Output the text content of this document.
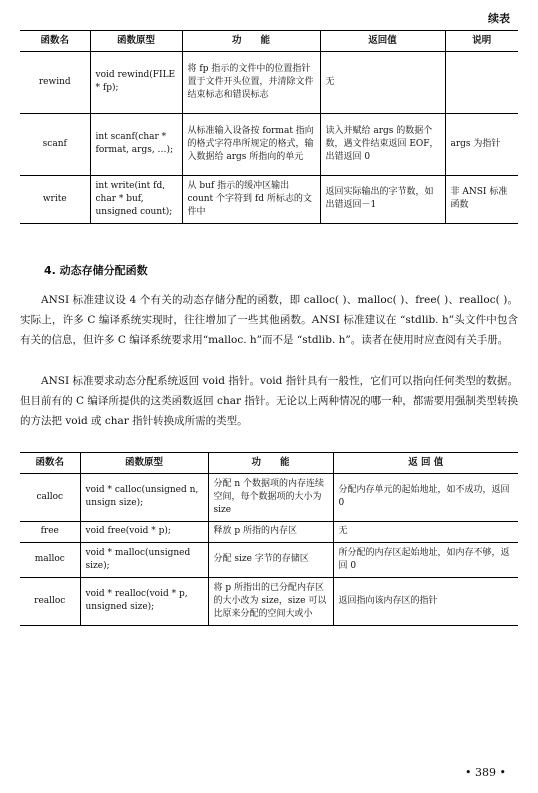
续表
函数名	函数原型	功　　能	返回值	说明
rewind	void rewind(FILE * fp);	将 fp 指示的文件中的位置指针置于文件开头位置，并清除文件结束标志和错误标志	无	
scanf	int scanf(char * format, args, …);	从标准输入设备按 format 指向的格式字符串所规定的格式，输入数据给 args 所指向的单元	读入并赋给 args 的数据个数，遇文件结束返回 EOF，出错返回 0	args 为指针
write	int write(int fd, char * buf, unsigned count);	从 buf 指示的缓冲区输出 count 个字符到 fd 所标志的文件中	返回实际输出的字节数，如出错返回－1	非 ANSI 标准函数
4. 动态存储分配函数

ANSI 标准建议设 4 个有关的动态存储分配的函数，即 calloc( )、malloc( )、free( )、realloc( )。实际上，许多 C 编译系统实现时，往往增加了一些其他函数。ANSI 标准建议在 “stdlib. h”头文件中包含有关的信息，但许多 C 编译系统要求用“malloc. h”而不是 “stdlib. h”。读者在使用时应查阅有关手册。

ANSI 标准要求动态分配系统返回 void 指针。void 指针具有一般性，它们可以指向任何类型的数据。但目前有的 C 编译所提供的这类函数返回 char 指针。无论以上两种情况的哪一种，都需要用强制类型转换的方法把 void 或 char 指针转换成所需的类型。

函数名	函数原型	功　　能	返 回 值
calloc	void * calloc(unsigned n, unsign size);	分配 n 个数据项的内存连续空间，每个数据项的大小为 size	分配内存单元的起始地址，如不成功，返回 0
free	void free(void * p);	释放 p 所指的内存区	无
malloc	void * malloc(unsigned size);	分配 size 字节的存储区	所分配的内存区起始地址，如内存不够，返回 0
realloc	void * realloc(void * p, unsigned size);	将 p 所指出的已分配内存区的大小改为 size，size 可以比原来分配的空间大或小	返回指向该内存区的指针
• 389 •
